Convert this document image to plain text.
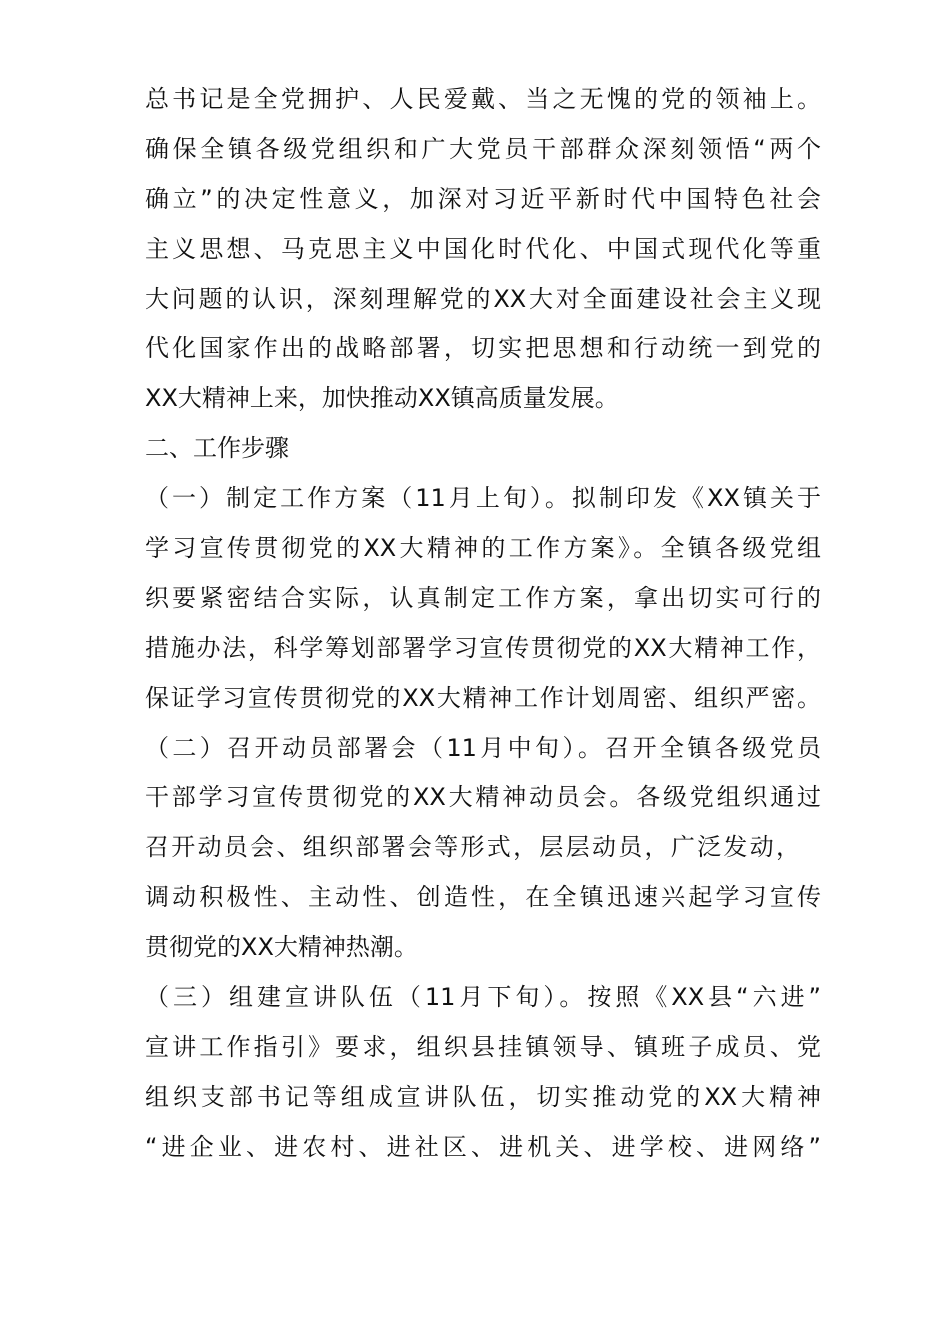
总书记是全党拥护、人民爱戴、当之无愧的党的领袖上。
确保全镇各级党组织和广大党员干部群众深刻领悟“两个
确立”的决定性意义，加深对习近平新时代中国特色社会
主义思想、马克思主义中国化时代化、中国式现代化等重
大问题的认识，深刻理解党的XX大对全面建设社会主义现
代化国家作出的战略部署，切实把思想和行动统一到党的
XX大精神上来，加快推动XX镇高质量发展。
二、工作步骤
（一）制定工作方案（11月上旬）。拟制印发《XX镇关于
学习宣传贯彻党的XX大精神的工作方案》。全镇各级党组
织要紧密结合实际，认真制定工作方案，拿出切实可行的
措施办法，科学筹划部署学习宣传贯彻党的XX大精神工作，
保证学习宣传贯彻党的XX大精神工作计划周密、组织严密。
（二）召开动员部署会（11月中旬）。召开全镇各级党员
干部学习宣传贯彻党的XX大精神动员会。各级党组织通过
召开动员会、组织部署会等形式，层层动员，广泛发动，
调动积极性、主动性、创造性，在全镇迅速兴起学习宣传
贯彻党的XX大精神热潮。
（三）组建宣讲队伍（11月下旬）。按照《XX县“六进”
宣讲工作指引》要求，组织县挂镇领导、镇班子成员、党
组织支部书记等组成宣讲队伍，切实推动党的XX大精神
“进企业、进农村、进社区、进机关、进学校、进网络”
